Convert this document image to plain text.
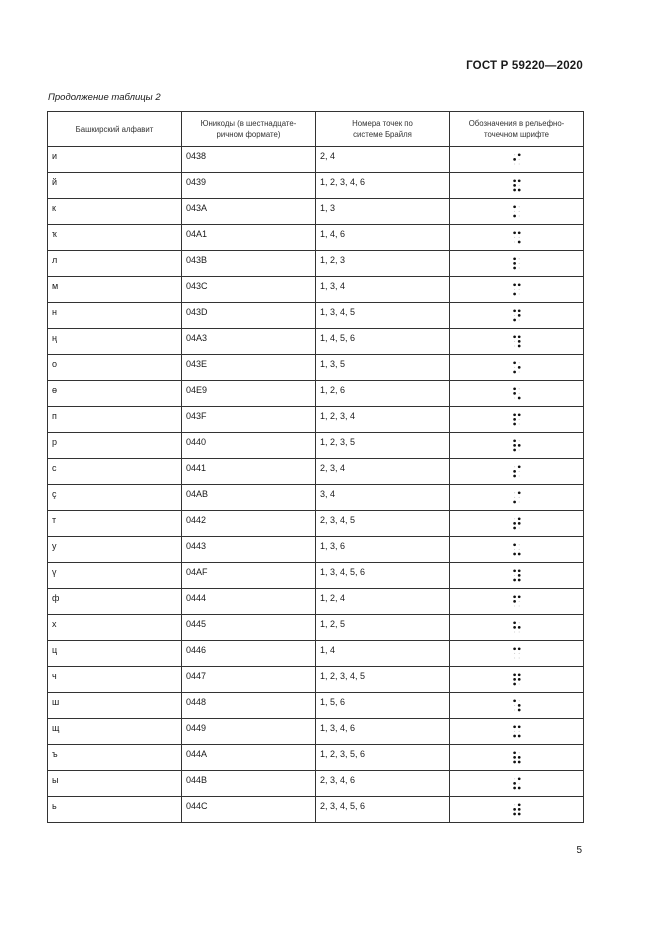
ГОСТ Р 59220—2020
Продолжение таблицы 2
Башкирский алфавит	Юникоды (в шестнадцате-ричном формате)	Номера точек по системе Брайля	Обозначения в рельефно-точечном шрифте

и	0438	2, 4

й	0439	1, 2, 3, 4, 6

к	043A	1, 3

ҡ	04A1	1, 4, 6

л	043B	1, 2, 3

м	043C	1, 3, 4

н	043D	1, 3, 4, 5

ң	04A3	1, 4, 5, 6

о	043E	1, 3, 5

ө	04E9	1, 2, 6

п	043F	1, 2, 3, 4

р	0440	1, 2, 3, 5

с	0441	2, 3, 4

ç	04AB	3, 4

т	0442	2, 3, 4, 5

у	0443	1, 3, 6

ү	04AF	1, 3, 4, 5, 6

ф	0444	1, 2, 4

х	0445	1, 2, 5

ц	0446	1, 4

ч	0447	1, 2, 3, 4, 5

ш	0448	1, 5, 6

щ	0449	1, 3, 4, 6

ъ	044A	1, 2, 3, 5, 6

ы	044B	2, 3, 4, 6

ь	044C	2, 3, 4, 5, 6

5
